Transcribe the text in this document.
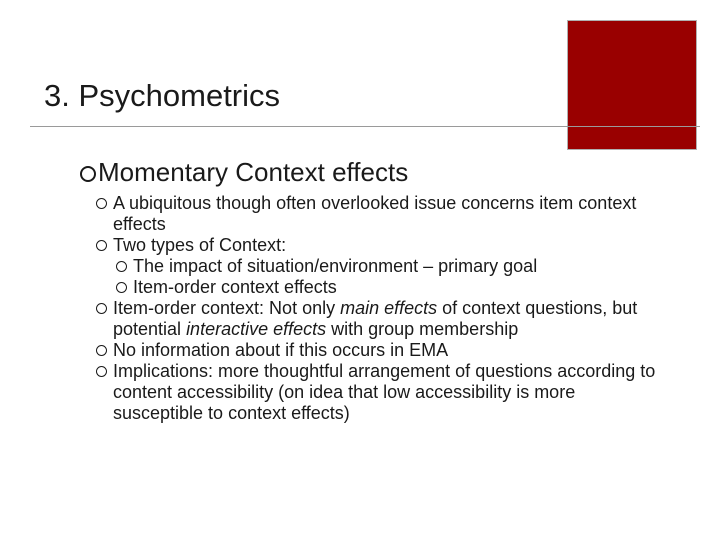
3. Psychometrics
Momentary Context effects
A ubiquitous though often overlooked issue concerns item context effects
Two types of Context:
The impact of situation/environment – primary goal
Item-order context effects
Item-order context: Not only main effects of context questions, but potential interactive effects with group membership
No information about if this occurs in EMA
Implications: more thoughtful arrangement of questions according to content accessibility (on idea that low accessibility is more susceptible to context effects)
